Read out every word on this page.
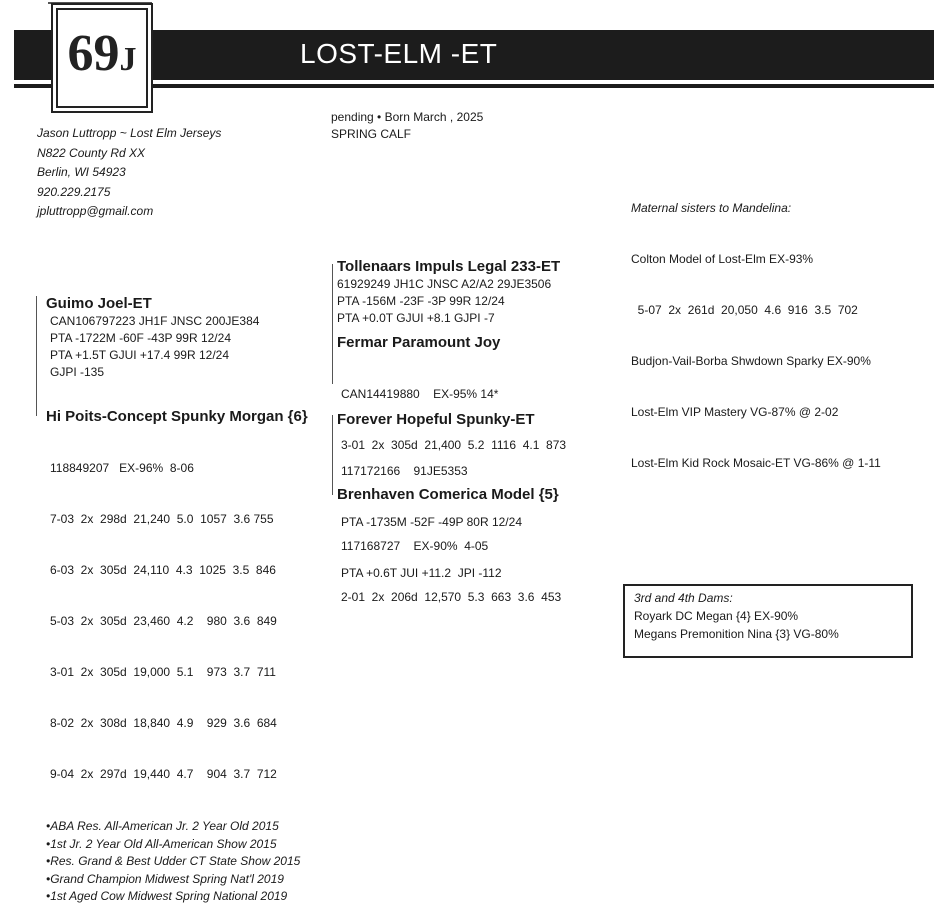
69J	LOST-ELM -ET
pending • Born March , 2025
SPRING CALF
Jason Luttropp ~ Lost Elm Jerseys
N822 County Rd XX
Berlin, WI 54923
920.229.2175
jpluttropp@gmail.com
Guimo Joel-ET
CAN106797223 JH1F JNSC 200JE384
PTA -1722M -60F -43P 99R 12/24
PTA +1.5T GJUI +17.4 99R 12/24
GJPI -135
Hi Poits-Concept Spunky Morgan {6}

118849207   EX-96%  8-06

7-03  2x  298d  21,240  5.0  1057  3.6 755

6-03  2x  305d  24,110  4.3  1025  3.5  846

5-03  2x  305d  23,460  4.2    980  3.6  849

3-01  2x  305d  19,000  5.1    973  3.7  711

8-02  2x  308d  18,840  4.9    929  3.6  684

9-04  2x  297d  19,440  4.7    904  3.7  712

•ABA Res. All-American Jr. 2 Year Old 2015
•1st Jr. 2 Year Old All-American Show 2015
•Res. Grand & Best Udder CT State Show 2015
•Grand Champion Midwest Spring Nat'l 2019
•1st Aged Cow Midwest Spring National 2019
Tollenaars Impuls Legal 233-ET
61929249 JH1C JNSC A2/A2 29JE3506
PTA -156M -23F -3P 99R 12/24
PTA +0.0T GJUI +8.1 GJPI -7
Fermar Paramount Joy

CAN14419880    EX-95% 14*

3-01  2x  305d  21,400  5.2  1116  4.1  873

Forever Hopeful Spunky-ET

117172166    91JE5353

PTA -1735M -52F -49P 80R 12/24

PTA +0.6T JUI +11.2  JPI -112

Brenhaven Comerica Model {5}

117168727    EX-90%  4-05

2-01  2x  206d  12,570  5.3  663  3.6  453

Maternal sisters to Mandelina:

Colton Model of Lost-Elm EX-93%

5-07  2x  261d  20,050  4.6  916  3.5  702

Budjon-Vail-Borba Shwdown Sparky EX-90%

Lost-Elm VIP Mastery VG-87% @ 2-02

Lost-Elm Kid Rock Mosaic-ET VG-86% @ 1-11

3rd and 4th Dams:
Royark DC Megan {4} EX-90%
Megans Premonition Nina {3} VG-80%
